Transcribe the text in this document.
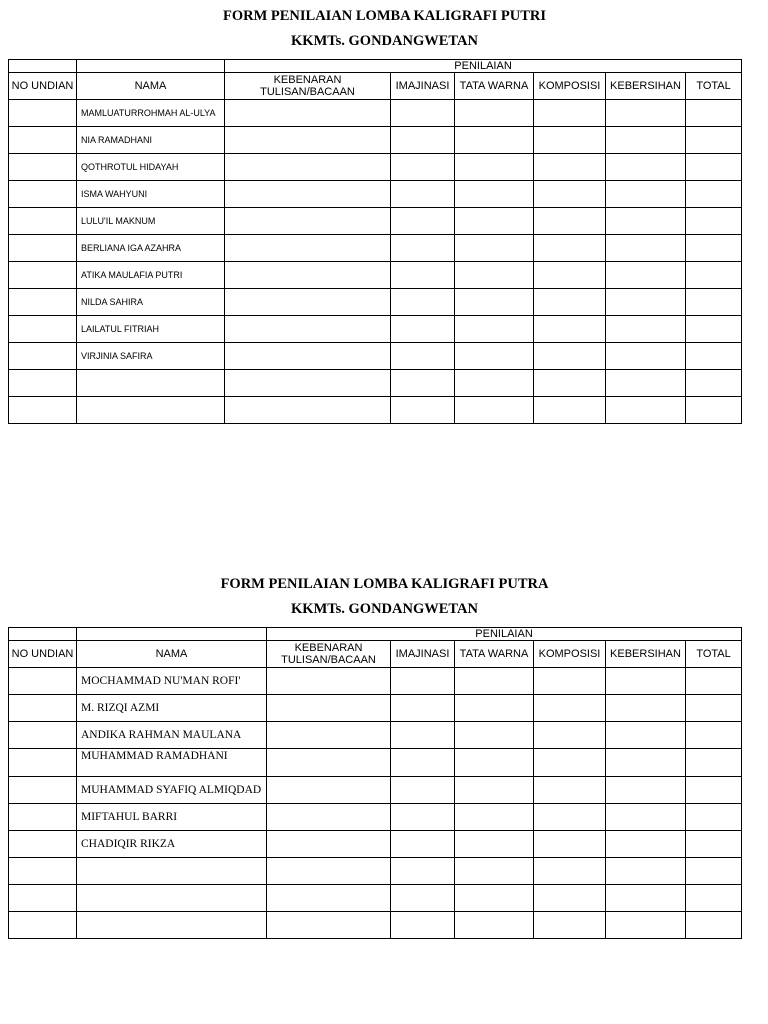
FORM PENILAIAN LOMBA KALIGRAFI PUTRI
KKMTs. GONDANGWETAN
		PENILAIAN					
NO UNDIAN	NAMA	KEBENARAN TULISAN/BACAAN	IMAJINASI	TATA WARNA	KOMPOSISI	KEBERSIHAN	TOTAL
	MAMLUATURROHMAH AL-ULYA						
	NIA RAMADHANI						
	QOTHROTUL HIDAYAH						
	ISMA WAHYUNI						
	LULU'IL MAKNUM						
	BERLIANA IGA AZAHRA						
	ATIKA MAULAFIA PUTRI						
	NILDA SAHIRA						
	LAILATUL FITRIAH						
	VIRJINIA SAFIRA						

FORM PENILAIAN LOMBA KALIGRAFI PUTRA
KKMTs. GONDANGWETAN
		PENILAIAN					
NO UNDIAN	NAMA	KEBENARAN TULISAN/BACAAN	IMAJINASI	TATA WARNA	KOMPOSISI	KEBERSIHAN	TOTAL
	MOCHAMMAD NU'MAN ROFI'						
	M. RIZQI AZMI						
	ANDIKA RAHMAN MAULANA						
	MUHAMMAD RAMADHANI						
	MUHAMMAD SYAFIQ ALMIQDAD						
	MIFTAHUL BARRI						
	CHADIQIR RIKZA						
